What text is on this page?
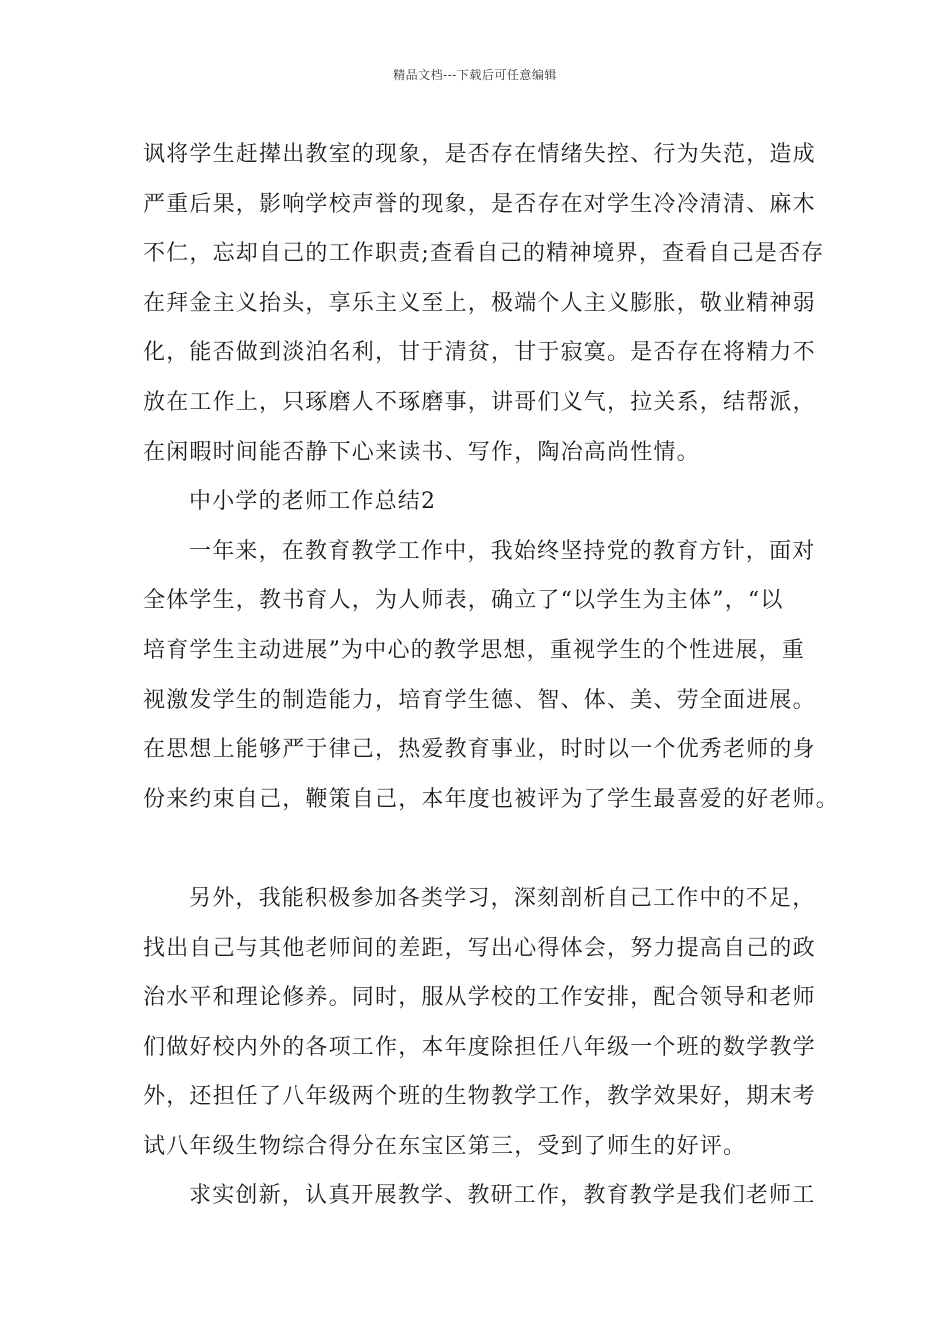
精品文档---下载后可任意编辑
讽将学生赶撵出教室的现象，是否存在情绪失控、行为失范，造成
严重后果，影响学校声誉的现象，是否存在对学生冷冷清清、麻木
不仁，忘却自己的工作职责;查看自己的精神境界，查看自己是否存
在拜金主义抬头，享乐主义至上，极端个人主义膨胀，敬业精神弱
化，能否做到淡泊名利，甘于清贫，甘于寂寞。是否存在将精力不
放在工作上，只琢磨人不琢磨事，讲哥们义气，拉关系，结帮派，
在闲暇时间能否静下心来读书、写作，陶冶高尚性情。
中小学的老师工作总结2
一年来，在教育教学工作中，我始终坚持党的教育方针，面对
全体学生，教书育人，为人师表，确立了“以学生为主体”，“以
培育学生主动进展”为中心的教学思想，重视学生的个性进展，重
视激发学生的制造能力，培育学生德、智、体、美、劳全面进展。
在思想上能够严于律己，热爱教育事业，时时以一个优秀老师的身
份来约束自己，鞭策自己，本年度也被评为了学生最喜爱的好老师。
另外，我能积极参加各类学习，深刻剖析自己工作中的不足，
找出自己与其他老师间的差距，写出心得体会，努力提高自己的政
治水平和理论修养。同时，服从学校的工作安排，配合领导和老师
们做好校内外的各项工作，本年度除担任八年级一个班的数学教学
外，还担任了八年级两个班的生物教学工作，教学效果好，期末考
试八年级生物综合得分在东宝区第三，受到了师生的好评。
求实创新，认真开展教学、教研工作，教育教学是我们老师工
